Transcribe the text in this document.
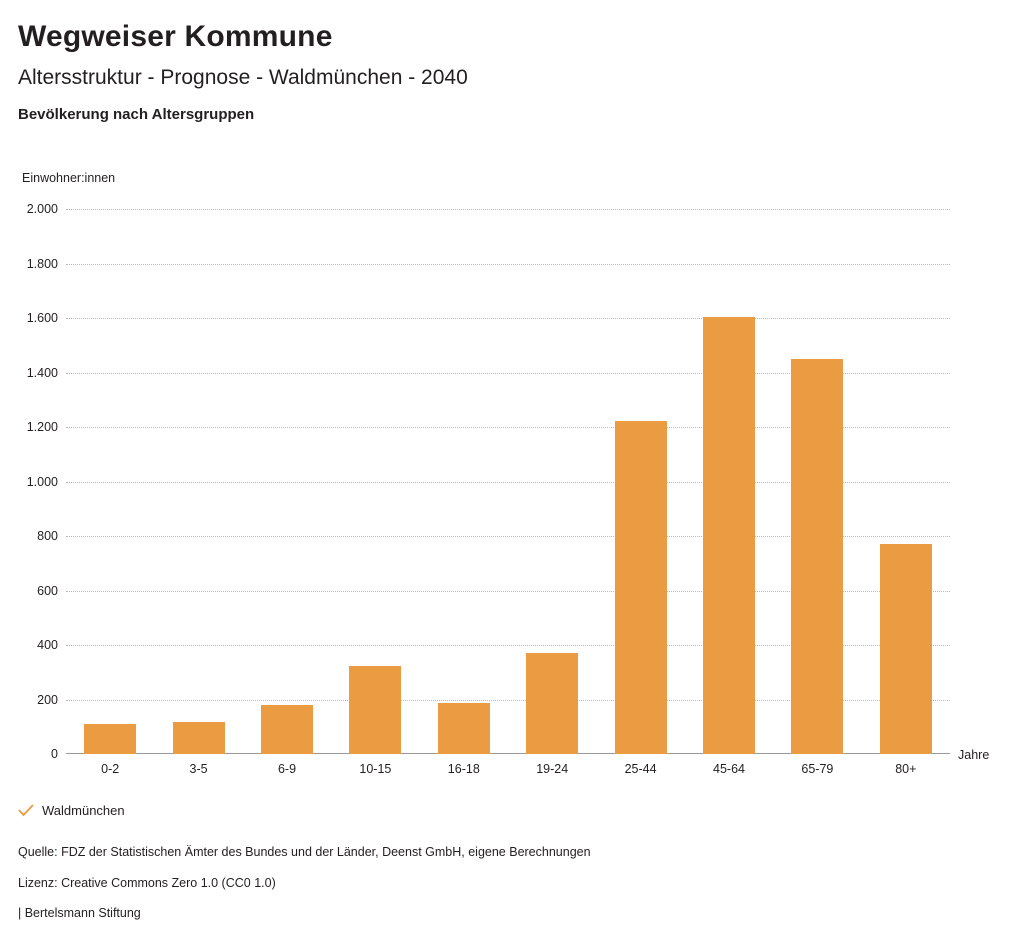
Wegweiser Kommune
Altersstruktur - Prognose - Waldmünchen - 2040
Bevölkerung nach Altersgruppen
Einwohner:innen
0
200
400
600
800
1.000
1.200
1.400
1.600
1.800
2.000
0-2	3-5	6-9	10-15	16-18	19-24	25-44	45-64	65-79	80+
Jahre
Waldmünchen
Quelle: FDZ der Statistischen Ämter des Bundes und der Länder, Deenst GmbH, eigene Berechnungen
Lizenz: Creative Commons Zero 1.0 (CC0 1.0)
| Bertelsmann Stiftung
